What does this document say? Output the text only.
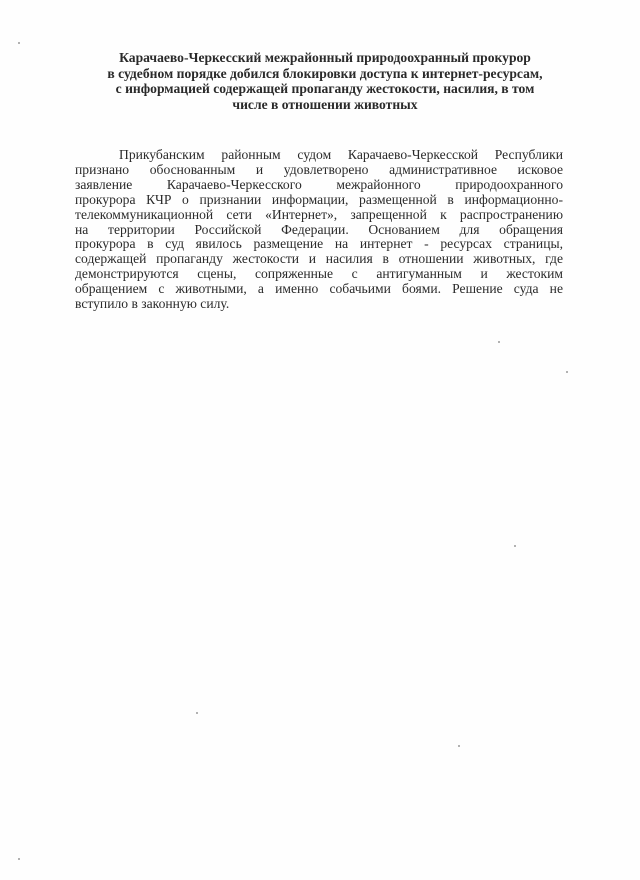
Карачаево-Черкесский межрайонный природоохранный прокурор
в судебном порядке добился блокировки доступа к интернет-ресурсам,
с информацией содержащей пропаганду жестокости, насилия, в том
числе в отношении животных
Прикубанским районным судом Карачаево-Черкесской Республики
признано обоснованным и удовлетворено административное исковое
заявление Карачаево-Черкесского межрайонного природоохранного
прокурора КЧР о признании информации, размещенной в информационно-
телекоммуникационной сети «Интернет», запрещенной к распространению
на территории Российской Федерации. Основанием для обращения
прокурора в суд явилось размещение на интернет - ресурсах страницы,
содержащей пропаганду жестокости и насилия в отношении животных, где
демонстрируются сцены, сопряженные с антигуманным и жестоким
обращением с животными, а именно собачьими боями. Решение суда не
вступило в законную силу.
